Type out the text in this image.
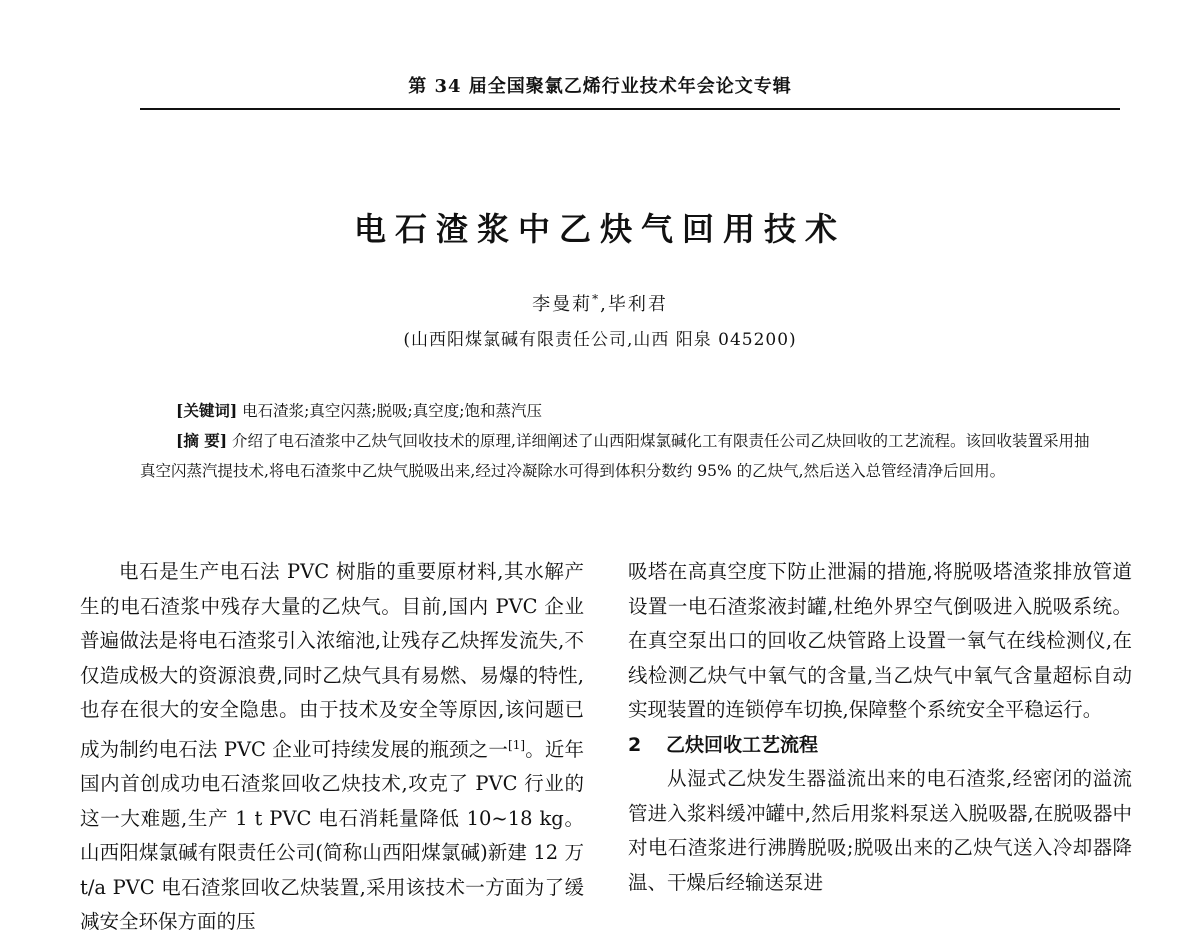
第 34 届全国聚氯乙烯行业技术年会论文专辑
电石渣浆中乙炔气回用技术
李曼莉*,毕利君
(山西阳煤氯碱有限责任公司,山西 阳泉 045200)

[关键词] 电石渣浆;真空闪蒸;脱吸;真空度;饱和蒸汽压

[摘 要] 介绍了电石渣浆中乙炔气回收技术的原理,详细阐述了山西阳煤氯碱化工有限责任公司乙炔回收的工艺流程。该回收装置采用抽真空闪蒸汽提技术,将电石渣浆中乙炔气脱吸出来,经过冷凝除水可得到体积分数约 95% 的乙炔气,然后送入总管经清净后回用。

电石是生产电石法 PVC 树脂的重要原材料,其水解产生的电石渣浆中残存大量的乙炔气。目前,国内 PVC 企业普遍做法是将电石渣浆引入浓缩池,让残存乙炔挥发流失,不仅造成极大的资源浪费,同时乙炔气具有易燃、易爆的特性,也存在很大的安全隐患。由于技术及安全等原因,该问题已成为制约电石法 PVC 企业可持续发展的瓶颈之一[1]。近年国内首创成功电石渣浆回收乙炔技术,攻克了 PVC 行业的这一大难题,生产 1 t PVC 电石消耗量降低 10~18 kg。山西阳煤氯碱有限责任公司(简称山西阳煤氯碱)新建 12 万 t/a PVC 电石渣浆回收乙炔装置,采用该技术一方面为了缓减安全环保方面的压

吸塔在高真空度下防止泄漏的措施,将脱吸塔渣浆排放管道设置一电石渣浆液封罐,杜绝外界空气倒吸进入脱吸系统。在真空泵出口的回收乙炔管路上设置一氧气在线检测仪,在线检测乙炔气中氧气的含量,当乙炔气中氧气含量超标自动实现装置的连锁停车切换,保障整个系统安全平稳运行。

2 乙炔回收工艺流程

从湿式乙炔发生器溢流出来的电石渣浆,经密闭的溢流管进入浆料缓冲罐中,然后用浆料泵送入脱吸器,在脱吸器中对电石渣浆进行沸腾脱吸;脱吸出来的乙炔气送入冷却器降温、干燥后经输送泵进
